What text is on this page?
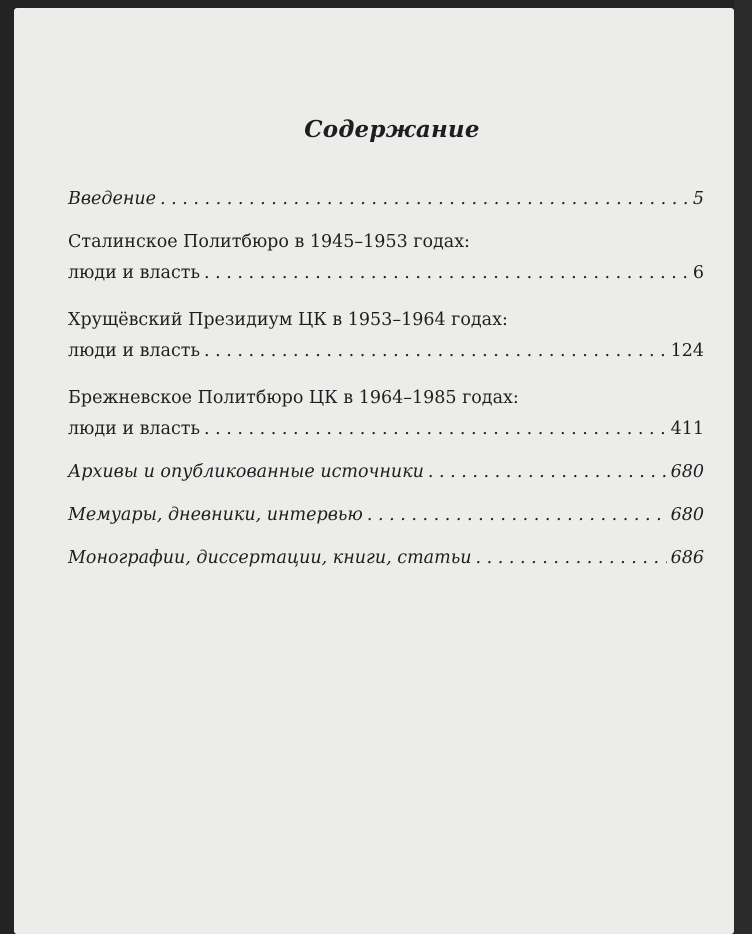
Содержание
Введение . . .	5
Сталинское Политбюро в 1945–1953 годах:
люди и власть . . .	6
Хрущёвский Президиум ЦК в 1953–1964 годах:
люди и власть . . .	124
Брежневское Политбюро ЦК в 1964–1985 годах:
люди и власть . . .	411
Архивы и опубликованные источники . . .	680
Мемуары, дневники, интервью . . .	680
Монографии, диссертации, книги, статьи . . .	686
